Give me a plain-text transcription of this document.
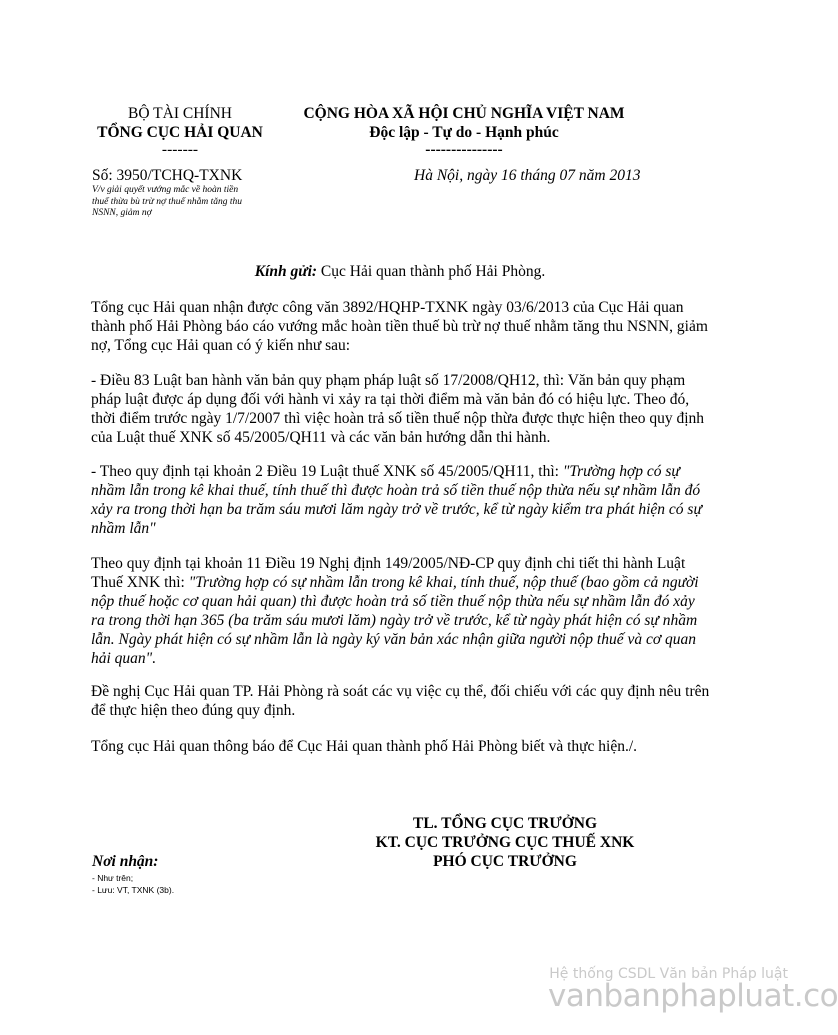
BỘ TÀI CHÍNH
TỔNG CỤC HẢI QUAN
-------
CỘNG HÒA XÃ HỘI CHỦ NGHĨA VIỆT NAM
Độc lập - Tự do - Hạnh phúc
---------------
Số: 3950/TCHQ-TXNK
V/v giải quyết vướng mắc về hoàn tiền
thuế thừa bù trừ nợ thuế nhằm tăng thu
NSNN, giảm nợ
Hà Nội, ngày 16 tháng 07 năm 2013
Kính gửi: Cục Hải quan thành phố Hải Phòng.
Tổng cục Hải quan nhận được công văn 3892/HQHP-TXNK ngày 03/6/2013 của Cục Hải quan thành phố Hải Phòng báo cáo vướng mắc hoàn tiền thuế bù trừ nợ thuế nhằm tăng thu NSNN, giảm nợ, Tổng cục Hải quan có ý kiến như sau:
- Điều 83 Luật ban hành văn bản quy phạm pháp luật số 17/2008/QH12, thì: Văn bản quy phạm pháp luật được áp dụng đối với hành vi xảy ra tại thời điểm mà văn bản đó có hiệu lực. Theo đó, thời điểm trước ngày 1/7/2007 thì việc hoàn trả số tiền thuế nộp thừa được thực hiện theo quy định của Luật thuế XNK số 45/2005/QH11 và các văn bản hướng dẫn thi hành.
- Theo quy định tại khoản 2 Điều 19 Luật thuế XNK số 45/2005/QH11, thì: "Trường hợp có sự nhầm lẫn trong kê khai thuế, tính thuế thì được hoàn trả số tiền thuế nộp thừa nếu sự nhầm lẫn đó xảy ra trong thời hạn ba trăm sáu mươi lăm ngày trở về trước, kể từ ngày kiểm tra phát hiện có sự nhầm lẫn"
Theo quy định tại khoản 11 Điều 19 Nghị định 149/2005/NĐ-CP quy định chi tiết thi hành Luật Thuế XNK thì: "Trường hợp có sự nhầm lẫn trong kê khai, tính thuế, nộp thuế (bao gồm cả người nộp thuế hoặc cơ quan hải quan) thì được hoàn trả số tiền thuế nộp thừa nếu sự nhầm lẫn đó xảy ra trong thời hạn 365 (ba trăm sáu mươi lăm) ngày trở về trước, kể từ ngày phát hiện có sự nhầm lẫn. Ngày phát hiện có sự nhầm lẫn là ngày ký văn bản xác nhận giữa người nộp thuế và cơ quan hải quan".
Đề nghị Cục Hải quan TP. Hải Phòng rà soát các vụ việc cụ thể, đối chiếu với các quy định nêu trên để thực hiện theo đúng quy định.
Tổng cục Hải quan thông báo để Cục Hải quan thành phố Hải Phòng biết và thực hiện./.
TL. TỔNG CỤC TRƯỞNG
KT. CỤC TRƯỞNG CỤC THUẾ XNK
PHÓ CỤC TRƯỞNG
Nơi nhận:
- Như trên;
- Lưu: VT, TXNK (3b).
Hệ thống CSDL Văn bản Pháp luật
vanbanphapluat.co
